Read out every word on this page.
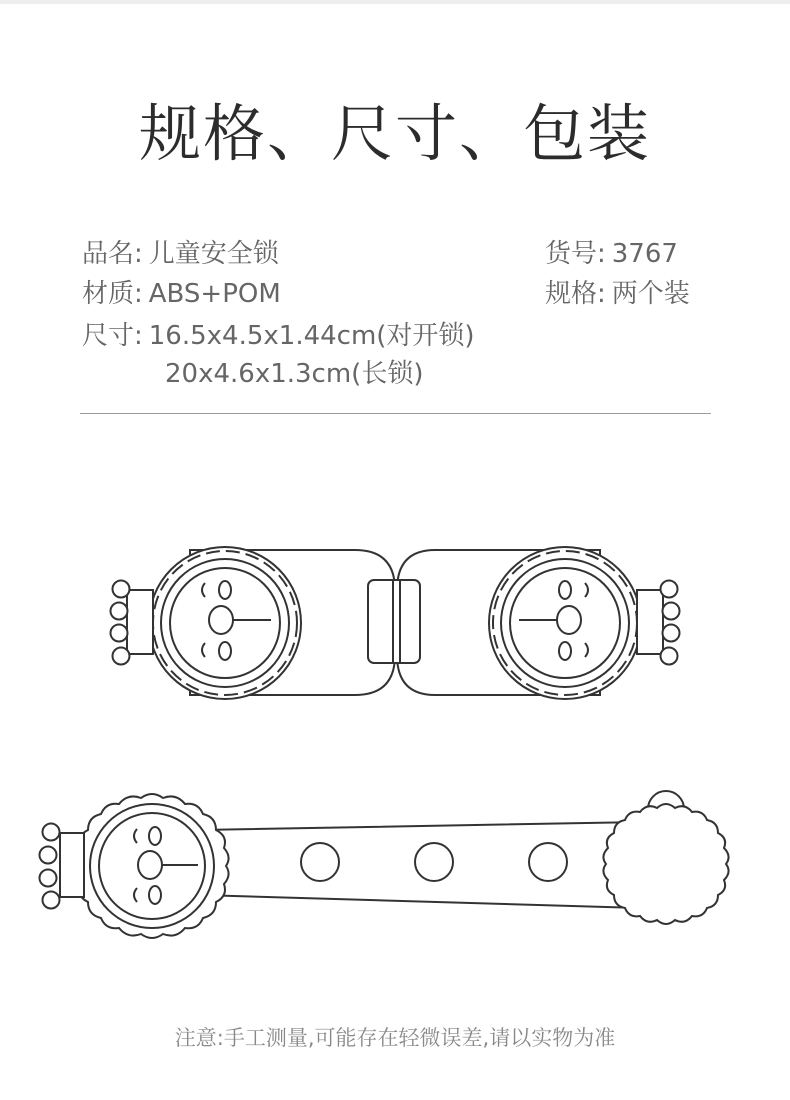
规格、尺寸、包装
品名: 儿童安全锁	货号: 3767
材质: ABS+POM	规格: 两个装
尺寸: 16.5x4.5x1.44cm(对开锁)
20x4.6x1.3cm(长锁)
注意:手工测量,可能存在轻微误差,请以实物为准
